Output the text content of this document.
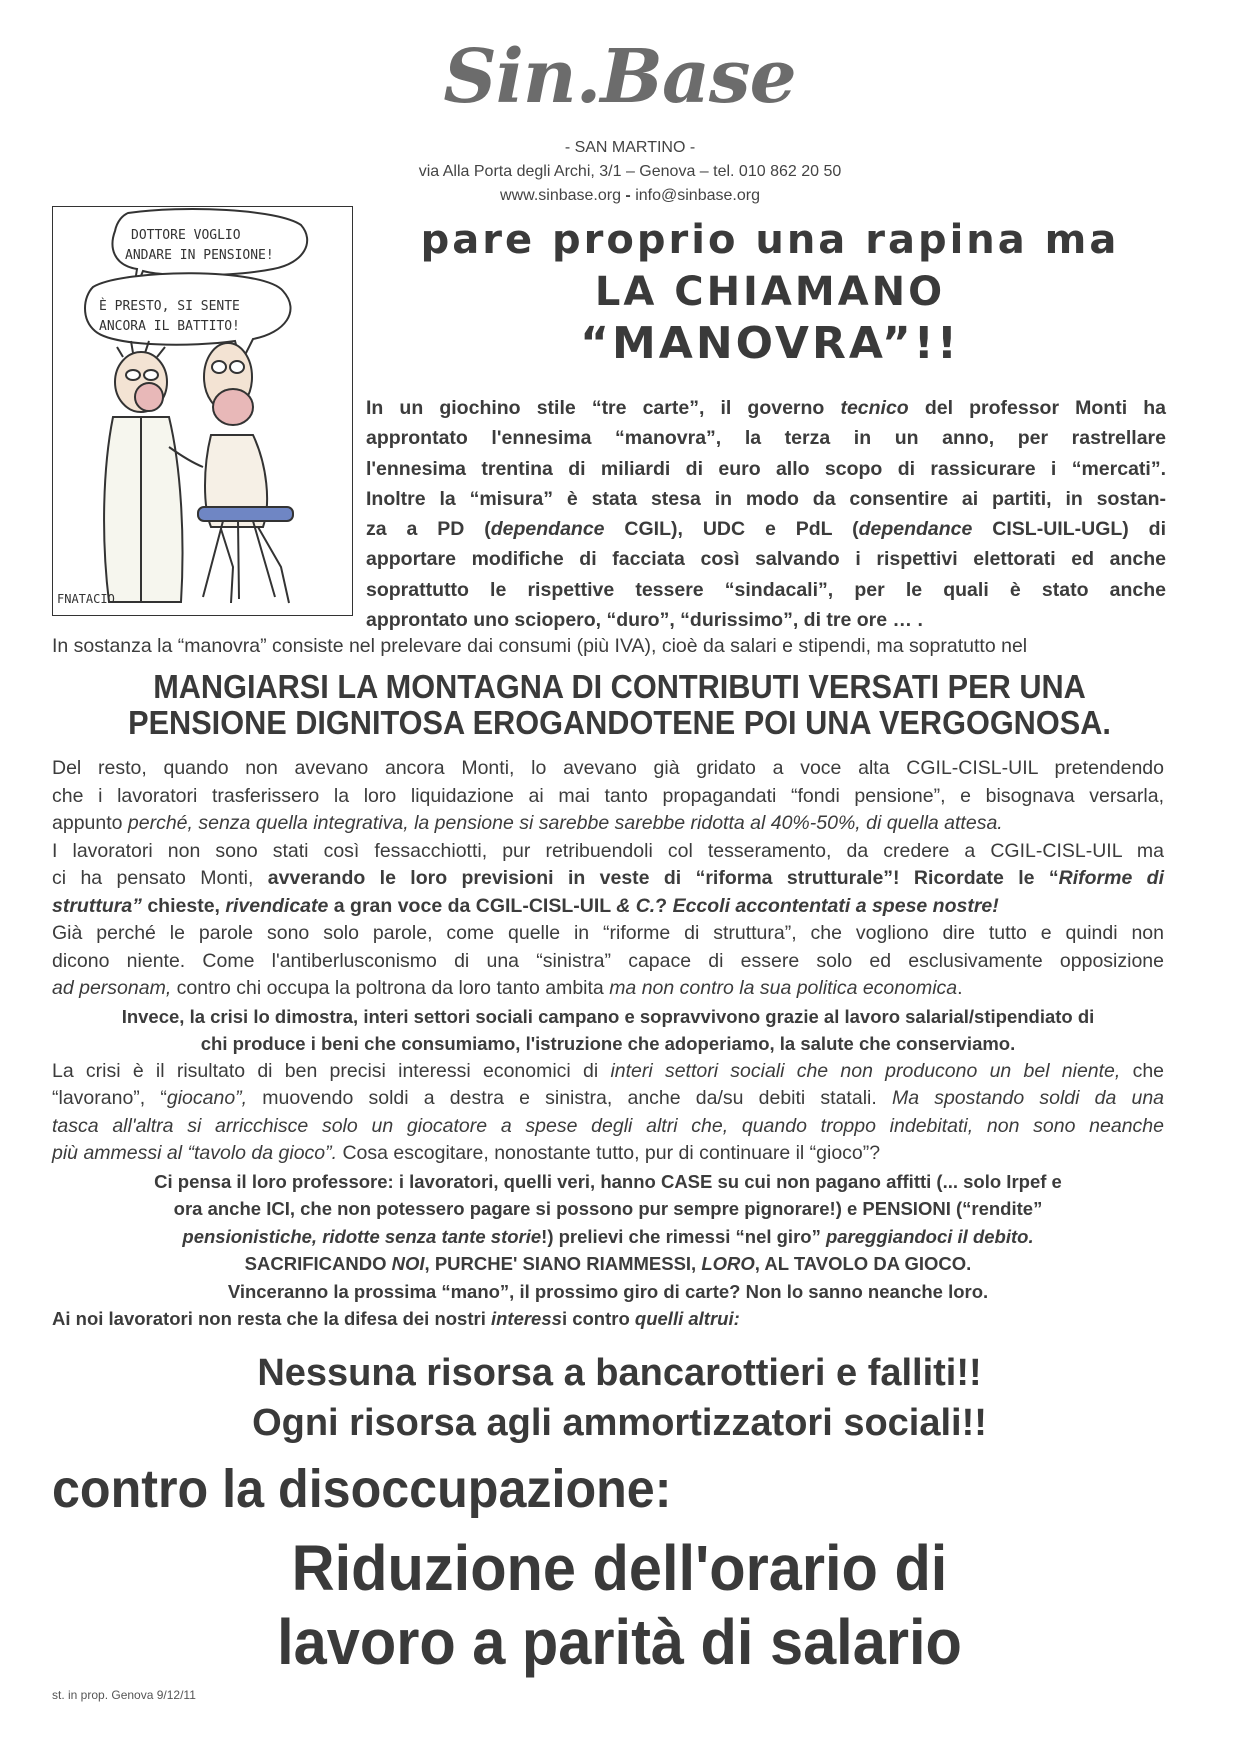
Sin.Base
- SAN MARTINO -
via Alla Porta degli Archi, 3/1 – Genova – tel. 010 862 20 50
www.sinbase.org - info@sinbase.org
DOTTORE VOGLIO
ANDARE IN PENSIONE!
È PRESTO, SI SENTE
ANCORA IL BATTITO!
FNATACIO
pare proprio una rapina ma
LA CHIAMANO
“MANOVRA”!!
In un giochino stile “tre carte”, il governo tecnico del professor Monti ha
approntato l'ennesima “manovra”, la terza in un anno, per rastrellare
l'ennesima trentina di miliardi di euro allo scopo di rassicurare i “mercati”.
Inoltre la “misura” è stata stesa in modo da consentire ai partiti, in sostan-
za a PD (dependance CGIL), UDC e PdL (dependance CISL-UIL-UGL) di
apportare modifiche di facciata così salvando i rispettivi elettorati ed anche
soprattutto le rispettive tessere “sindacali”, per le quali è stato anche
approntato uno sciopero, “duro”, “durissimo”, di tre ore … .
In sostanza la “manovra” consiste nel prelevare dai consumi (più IVA), cioè da salari e stipendi, ma sopratutto nel
MANGIARSI LA MONTAGNA DI CONTRIBUTI VERSATI PER UNA
PENSIONE DIGNITOSA EROGANDOTENE POI UNA VERGOGNOSA.
Del resto, quando non avevano ancora Monti, lo avevano già gridato a voce alta CGIL-CISL-UIL pretendendo
che i lavoratori trasferissero la loro liquidazione ai mai tanto propagandati “fondi pensione”, e bisognava versarla,
appunto perché, senza quella integrativa, la pensione si sarebbe sarebbe ridotta al 40%-50%, di quella attesa.
I lavoratori non sono stati così fessacchiotti, pur retribuendoli col tesseramento, da credere a CGIL-CISL-UIL ma
ci ha pensato Monti, avverando le loro previsioni in veste di “riforma strutturale”! Ricordate le “Riforme di
struttura” chieste, rivendicate a gran voce da CGIL-CISL-UIL & C.? Eccoli accontentati a spese nostre!
Già perché le parole sono solo parole, come quelle in “riforme di struttura”, che vogliono dire tutto e quindi non
dicono niente. Come l'antiberlusconismo di una “sinistra” capace di essere solo ed esclusivamente opposizione
ad personam, contro chi occupa la poltrona da loro tanto ambita ma non contro la sua politica economica.
Invece, la crisi lo dimostra, interi settori sociali campano e sopravvivono grazie al lavoro salarial/stipendiato di
chi produce i beni che consumiamo, l'istruzione che adoperiamo, la salute che conserviamo.
La crisi è il risultato di ben precisi interessi economici di interi settori sociali che non producono un bel niente, che
“lavorano”, “giocano”, muovendo soldi a destra e sinistra, anche da/su debiti statali. Ma spostando soldi da una
tasca all'altra si arricchisce solo un giocatore a spese degli altri che, quando troppo indebitati, non sono neanche
più ammessi al “tavolo da gioco”. Cosa escogitare, nonostante tutto, pur di continuare il “gioco”?
Ci pensa il loro professore: i lavoratori, quelli veri, hanno CASE su cui non pagano affitti (... solo Irpef e
ora anche ICI, che non potessero pagare si possono pur sempre pignorare!) e PENSIONI (“rendite”
pensionistiche, ridotte senza tante storie!) prelievi che rimessi “nel giro” pareggiandoci il debito.
SACRIFICANDO NOI, PURCHE' SIANO RIAMMESSI, LORO, AL TAVOLO DA GIOCO.
Vinceranno la prossima “mano”, il prossimo giro di carte? Non lo sanno neanche loro.
Ai noi lavoratori non resta che la difesa dei nostri interessi contro quelli altrui:
Nessuna risorsa a bancarottieri e falliti!!
Ogni risorsa agli ammortizzatori sociali!!
contro la disoccupazione:
Riduzione dell'orario di
lavoro a parità di salario
st. in prop. Genova 9/12/11
